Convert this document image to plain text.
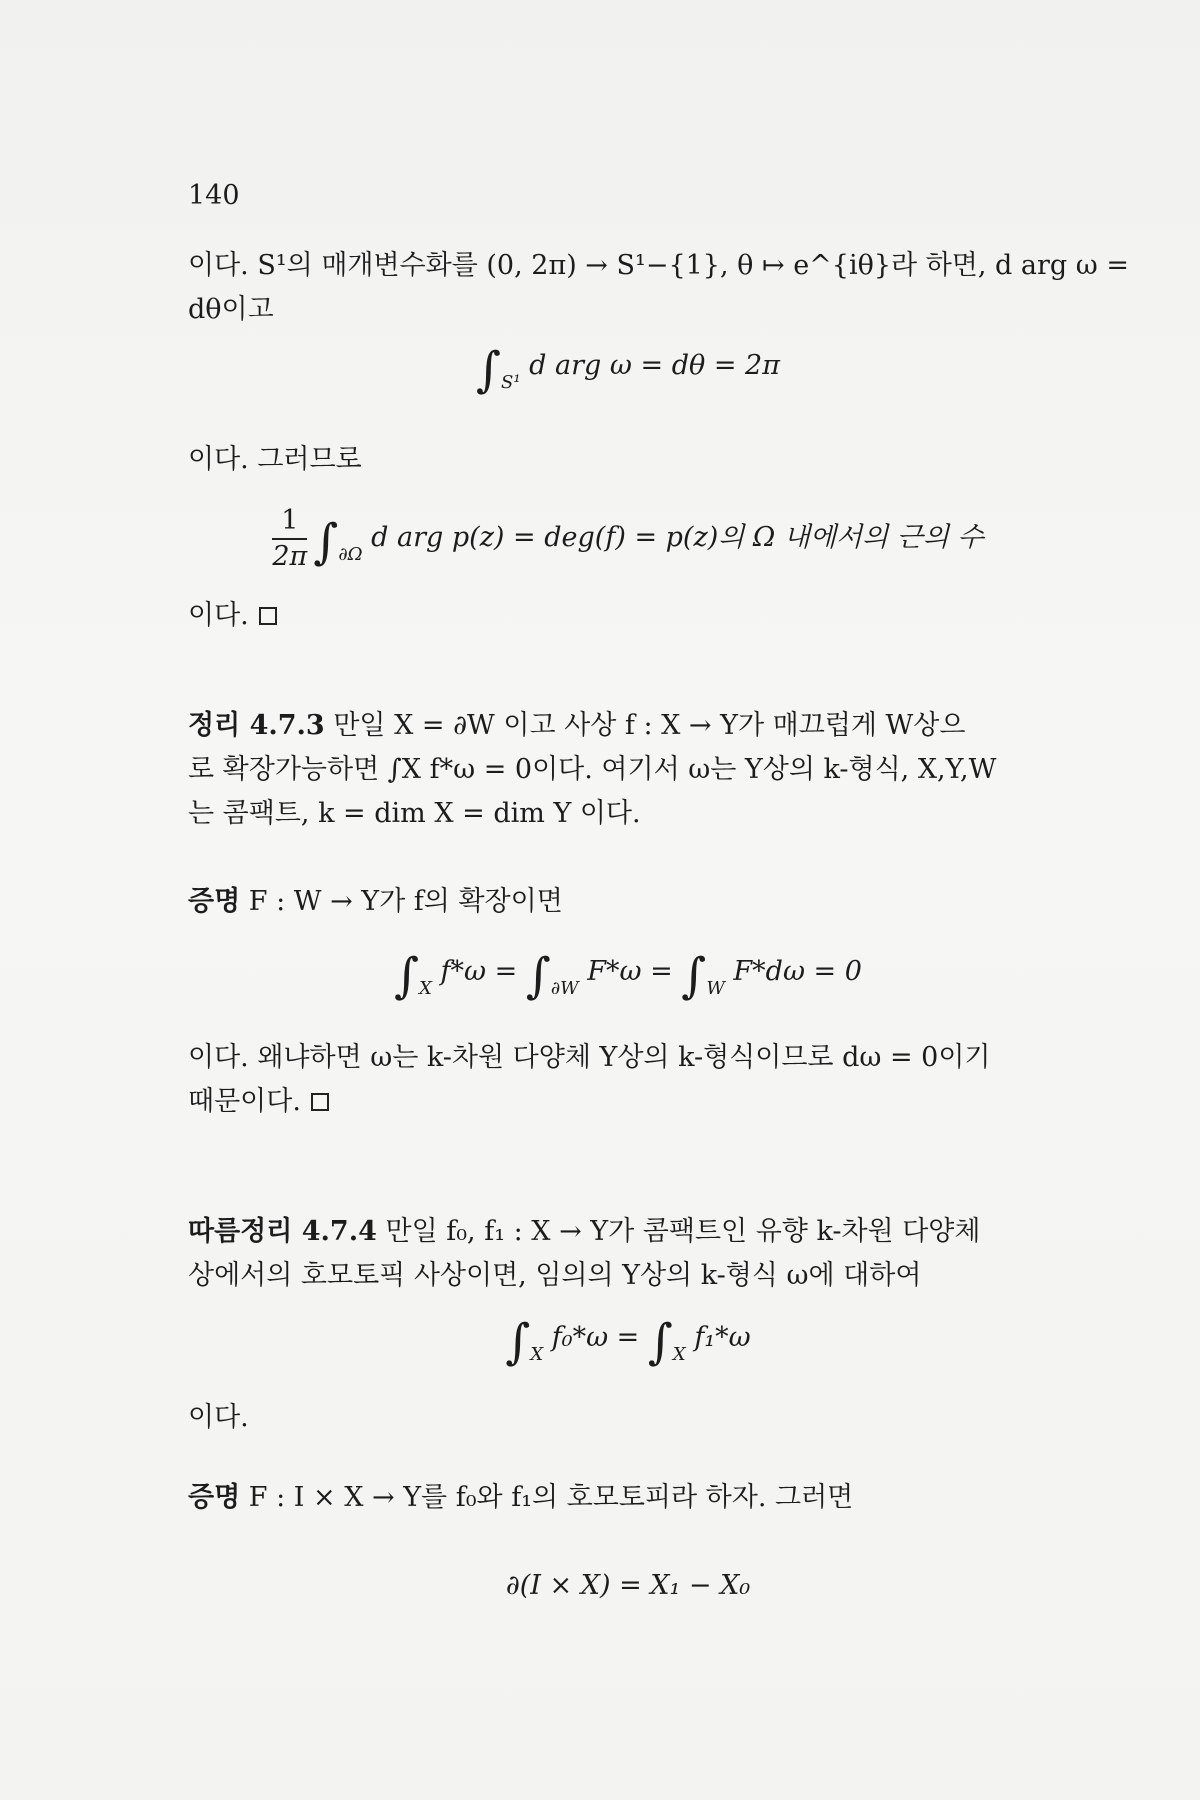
140
이다. S¹의 매개변수화를 (0, 2π) → S¹−{1}, θ ↦ e^{iθ}라 하면, d arg ω =
dθ이고
$\int_{S^1}$ d arg ω = dθ = 2π
이다. 그러므로
$\frac{1}{2\pi} \int_{\partial\Omega}$ d arg p(z) = deg(f) = p(z)의 Ω 내에서의 근의 수
이다.
정리 4.7.3 만일 X = ∂W 이고 사상 f : X → Y가 매끄럽게 W상으
로 확장가능하면 ∫X f*ω = 0이다. 여기서 ω는 Y상의 k-형식, X,Y,W
는 콤팩트, k = dim X = dim Y 이다.
증명 F : W → Y가 f의 확장이면
$\int_X$ $f*\omega = \int_{\partial W}$ $F*\omega = \int_W$ F*dω = 0
이다. 왜냐하면 ω는 k-차원 다양체 Y상의 k-형식이므로 dω = 0이기
때문이다.
따름정리 4.7.4 만일 f₀, f₁ : X → Y가 콤팩트인 유향 k-차원 다양체
상에서의 호모토픽 사상이면, 임의의 Y상의 k-형식 ω에 대하여
$\int_X$ $f_0*\omega = \int_X$ f₁*ω
이다.
증명 F : I × X → Y를 f₀와 f₁의 호모토피라 하자. 그러면
∂(I × X) = X₁ − X₀
